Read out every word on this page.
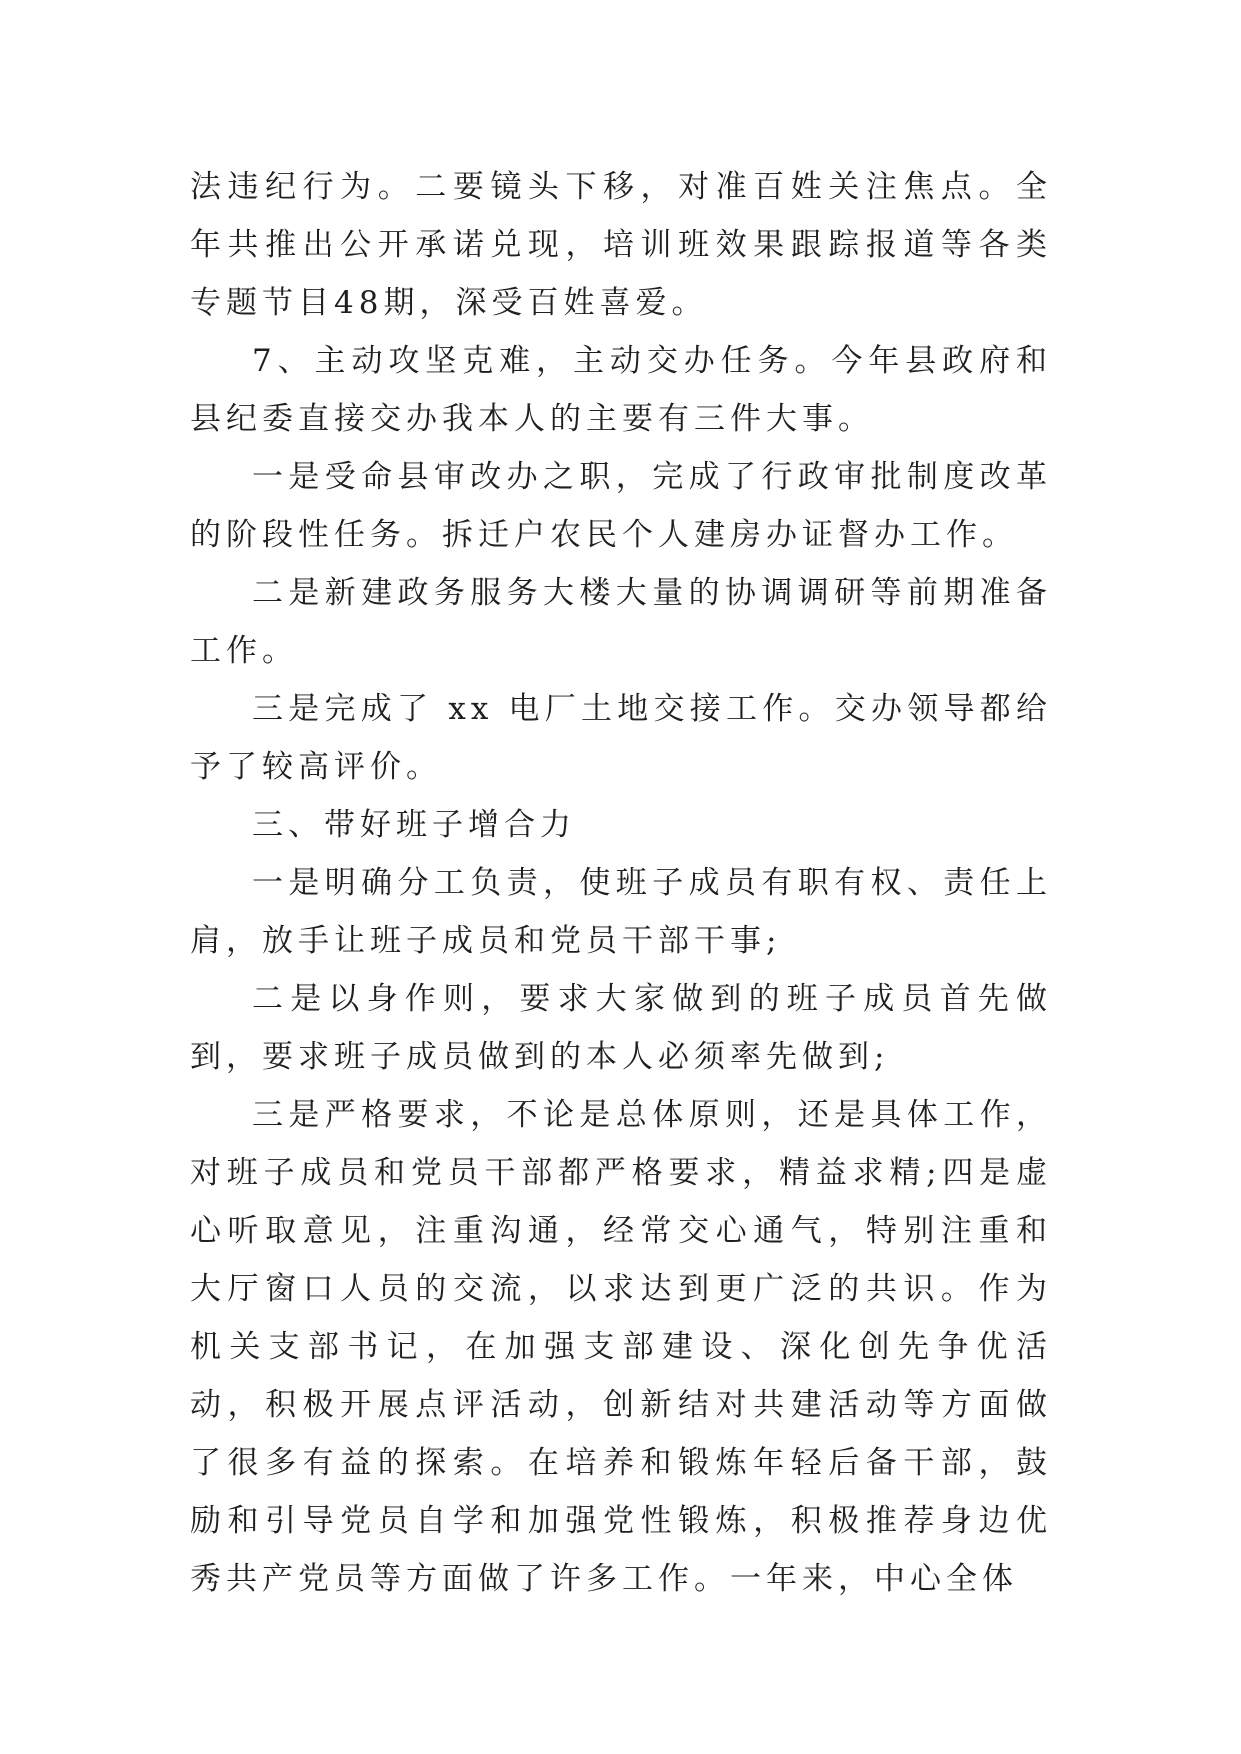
法违纪行为。二要镜头下移，对准百姓关注焦点。全年共推出公开承诺兑现，培训班效果跟踪报道等各类专题节目48期，深受百姓喜爱。

7、主动攻坚克难，主动交办任务。今年县政府和县纪委直接交办我本人的主要有三件大事。

一是受命县审改办之职，完成了行政审批制度改革的阶段性任务。拆迁户农民个人建房办证督办工作。

二是新建政务服务大楼大量的协调调研等前期准备工作。

三是完成了 xx 电厂土地交接工作。交办领导都给予了较高评价。

三、带好班子增合力

一是明确分工负责，使班子成员有职有权、责任上肩，放手让班子成员和党员干部干事;

二是以身作则，要求大家做到的班子成员首先做到，要求班子成员做到的本人必须率先做到;

三是严格要求，不论是总体原则，还是具体工作，对班子成员和党员干部都严格要求，精益求精;四是虚心听取意见，注重沟通，经常交心通气，特别注重和大厅窗口人员的交流，以求达到更广泛的共识。作为机关支部书记，在加强支部建设、深化创先争优活动，积极开展点评活动，创新结对共建活动等方面做了很多有益的探索。在培养和锻炼年轻后备干部，鼓励和引导党员自学和加强党性锻炼，积极推荐身边优秀共产党员等方面做了许多工作。一年来，中心全体
